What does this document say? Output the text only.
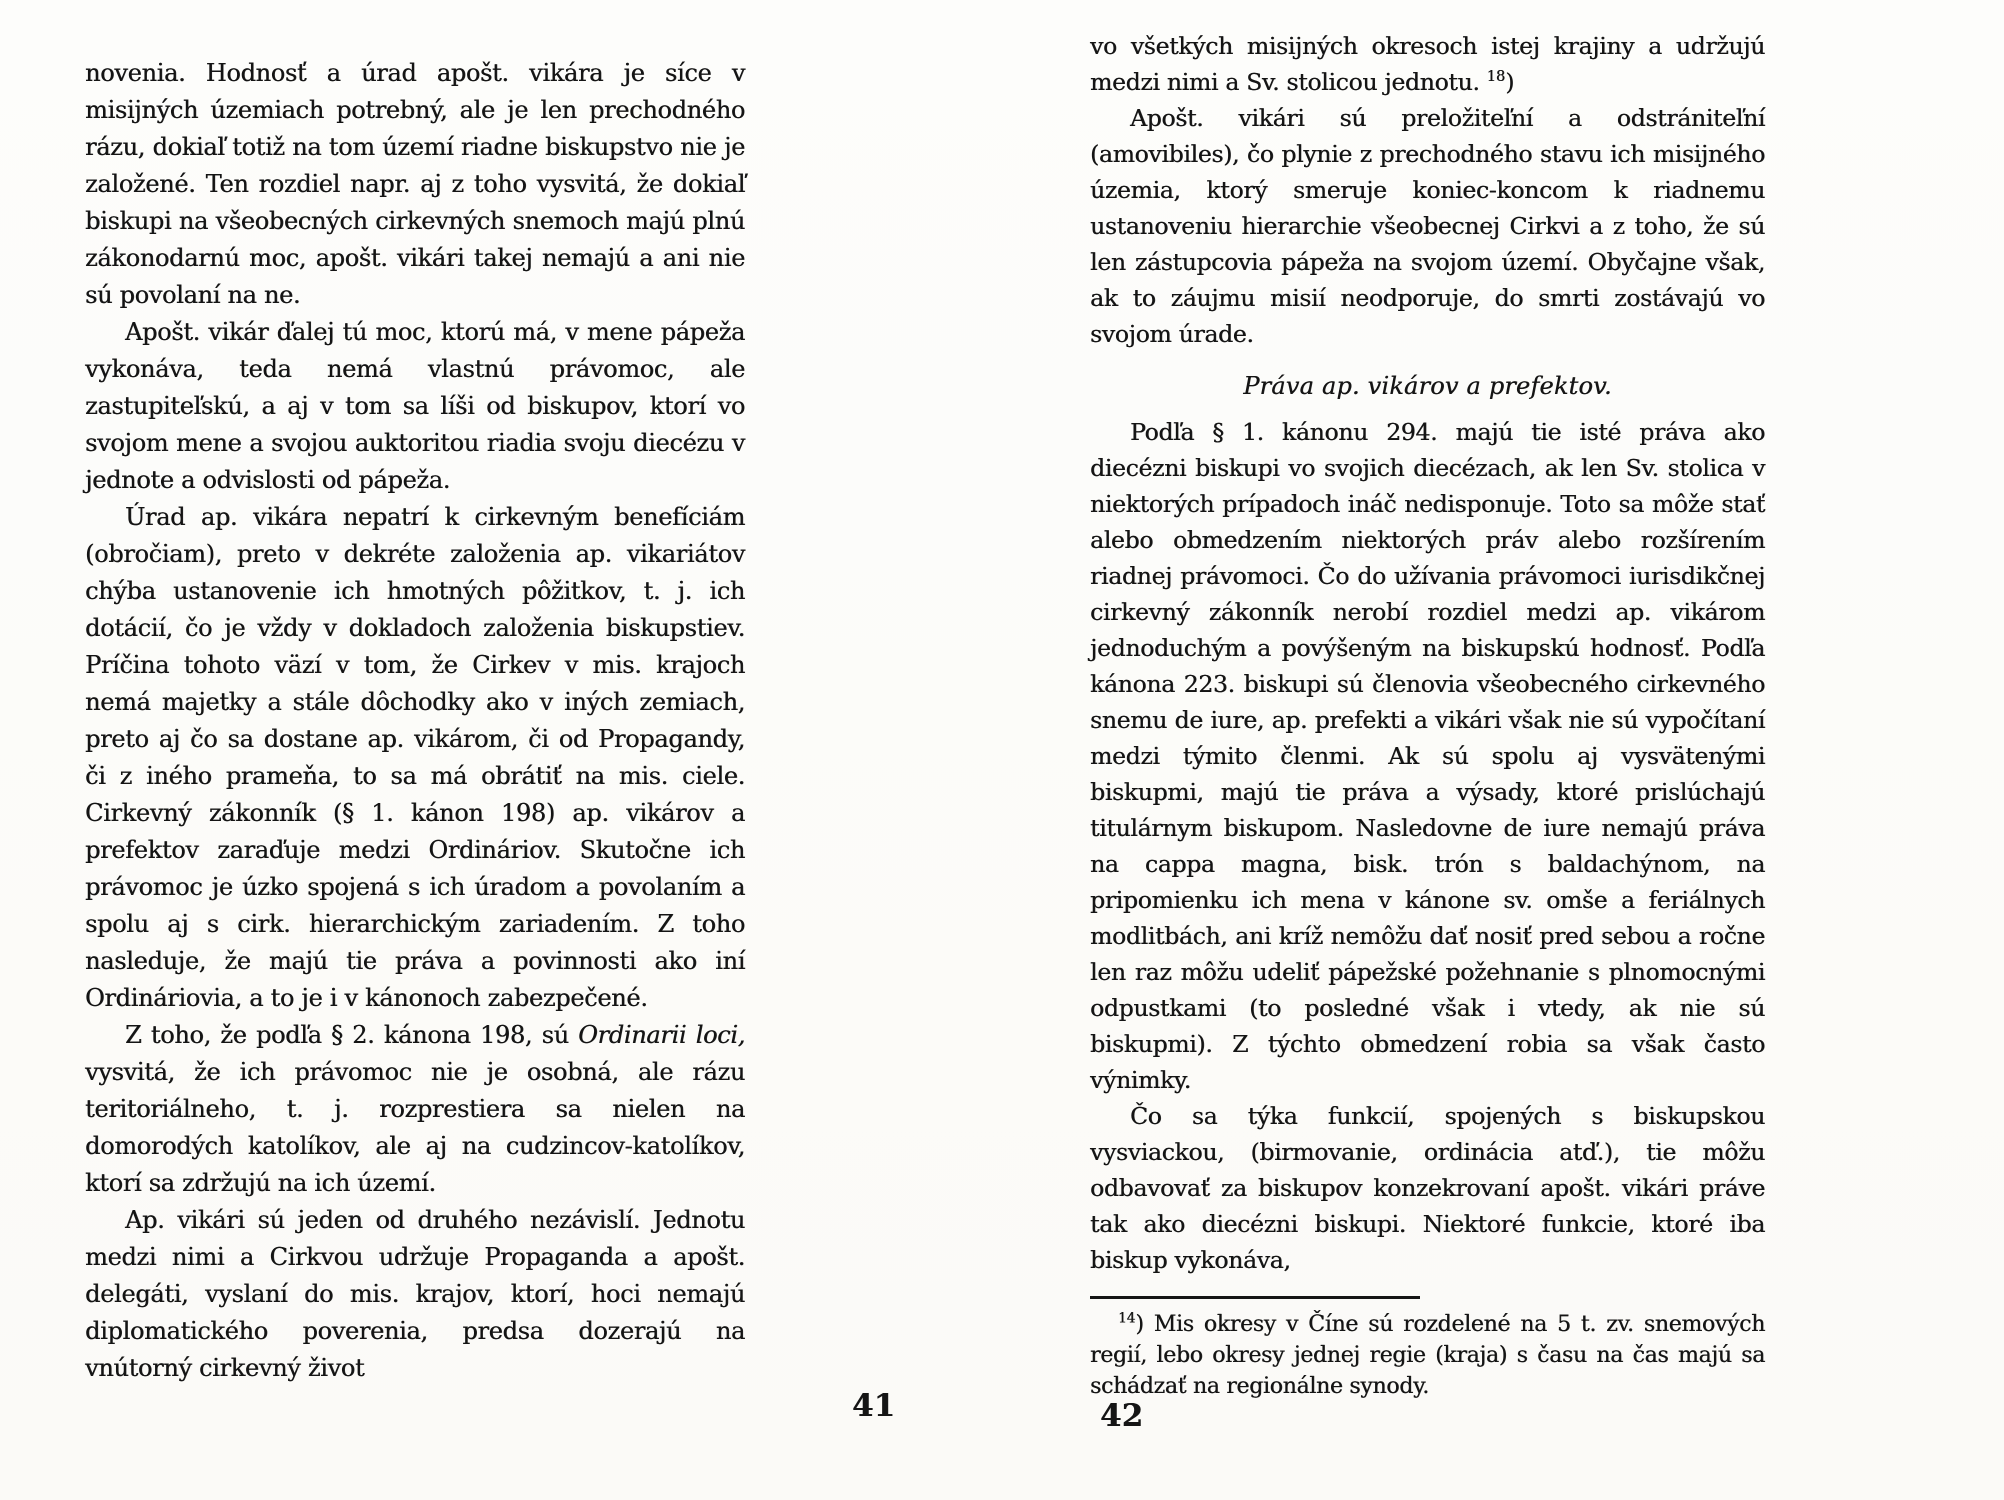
novenia. Hodnosť a úrad apošt. vikára je síce v misijných územiach potrebný, ale je len prechodného rázu, dokiaľ totiž na tom území riadne biskupstvo nie je založené. Ten rozdiel napr. aj z toho vysvitá, že dokiaľ biskupi na všeobecných cirkevných snemoch majú plnú zákonodarnú moc, apošt. vikári takej nemajú a ani nie sú povolaní na ne.

Apošt. vikár ďalej tú moc, ktorú má, v mene pápeža vykonáva, teda nemá vlastnú právomoc, ale zastupiteľskú, a aj v tom sa líši od biskupov, ktorí vo svojom mene a svojou auktoritou riadia svoju diecézu v jednote a odvislosti od pápeža.

Úrad ap. vikára nepatrí k cirkevným benefíciám (obročiam), preto v dekréte založenia ap. vikariátov chýba ustanovenie ich hmotných pôžitkov, t. j. ich dotácií, čo je vždy v dokladoch založenia biskupstiev. Príčina tohoto väzí v tom, že Cirkev v mis. krajoch nemá majetky a stále dôchodky ako v iných zemiach, preto aj čo sa dostane ap. vikárom, či od Propagandy, či z iného prameňa, to sa má obrátiť na mis. ciele. Cirkevný zákonník (§ 1. kánon 198) ap. vikárov a prefektov zaraďuje medzi Ordináriov. Skutočne ich právomoc je úzko spojená s ich úradom a povolaním a spolu aj s cirk. hierarchickým zariadením. Z toho nasleduje, že majú tie práva a povinnosti ako iní Ordináriovia, a to je i v kánonoch zabezpečené.

Z toho, že podľa § 2. kánona 198, sú Ordinarii loci, vysvitá, že ich právomoc nie je osobná, ale rázu teritoriálneho, t. j. rozprestiera sa nielen na domorodých katolíkov, ale aj na cudzincov-katolíkov, ktorí sa zdržujú na ich území.

Ap. vikári sú jeden od druhého nezávislí. Jednotu medzi nimi a Cirkvou udržuje Propaganda a apošt. delegáti, vyslaní do mis. krajov, ktorí, hoci nemajú diplomatického poverenia, predsa dozerajú na vnútorný cirkevný život

vo všetkých misijných okresoch istej krajiny a udržujú medzi nimi a Sv. stolicou jednotu. $^{18}$)

Apošt. vikári sú preložiteľní a odstrániteľní (amovibiles), čo plynie z prechodného stavu ich misijného územia, ktorý smeruje koniec-koncom k riadnemu ustanoveniu hierarchie všeobecnej Cirkvi a z toho, že sú len zástupcovia pápeža na svojom území. Obyčajne však, ak to záujmu misií neodporuje, do smrti zostávajú vo svojom úrade.

Práva ap. vikárov a prefektov.

Podľa § 1. kánonu 294. majú tie isté práva ako diecézni biskupi vo svojich diecézach, ak len Sv. stolica v niektorých prípadoch ináč nedisponuje. Toto sa môže stať alebo obmedzením niektorých práv alebo rozšírením riadnej právomoci. Čo do užívania právomoci iurisdikčnej cirkevný zákonník nerobí rozdiel medzi ap. vikárom jednoduchým a povýšeným na biskupskú hodnosť. Podľa kánona 223. biskupi sú členovia všeobecného cirkevného snemu de iure, ap. prefekti a vikári však nie sú vypočítaní medzi týmito členmi. Ak sú spolu aj vysvätenými biskupmi, majú tie práva a výsady, ktoré prislúchajú titulárnym biskupom. Nasledovne de iure nemajú práva na cappa magna, bisk. trón s baldachýnom, na pripomienku ich mena v kánone sv. omše a feriálnych modlitbách, ani kríž nemôžu dať nosiť pred sebou a ročne len raz môžu udeliť pápežské požehnanie s plnomocnými odpustkami (to posledné však i vtedy, ak nie sú biskupmi). Z týchto obmedzení robia sa však často výnimky.

Čo sa týka funkcií, spojených s biskupskou vysviackou, (birmovanie, ordinácia atď.), tie môžu odbavovať za biskupov konzekrovaní apošt. vikári práve tak ako diecézni biskupi. Niektoré funkcie, ktoré iba biskup vykonáva,

$^{14}$) Mis okresy v Číne sú rozdelené na 5 t. zv. snemových regií, lebo okresy jednej regie (kraja) s času na čas majú sa schádzať na regionálne synody.

41	42
